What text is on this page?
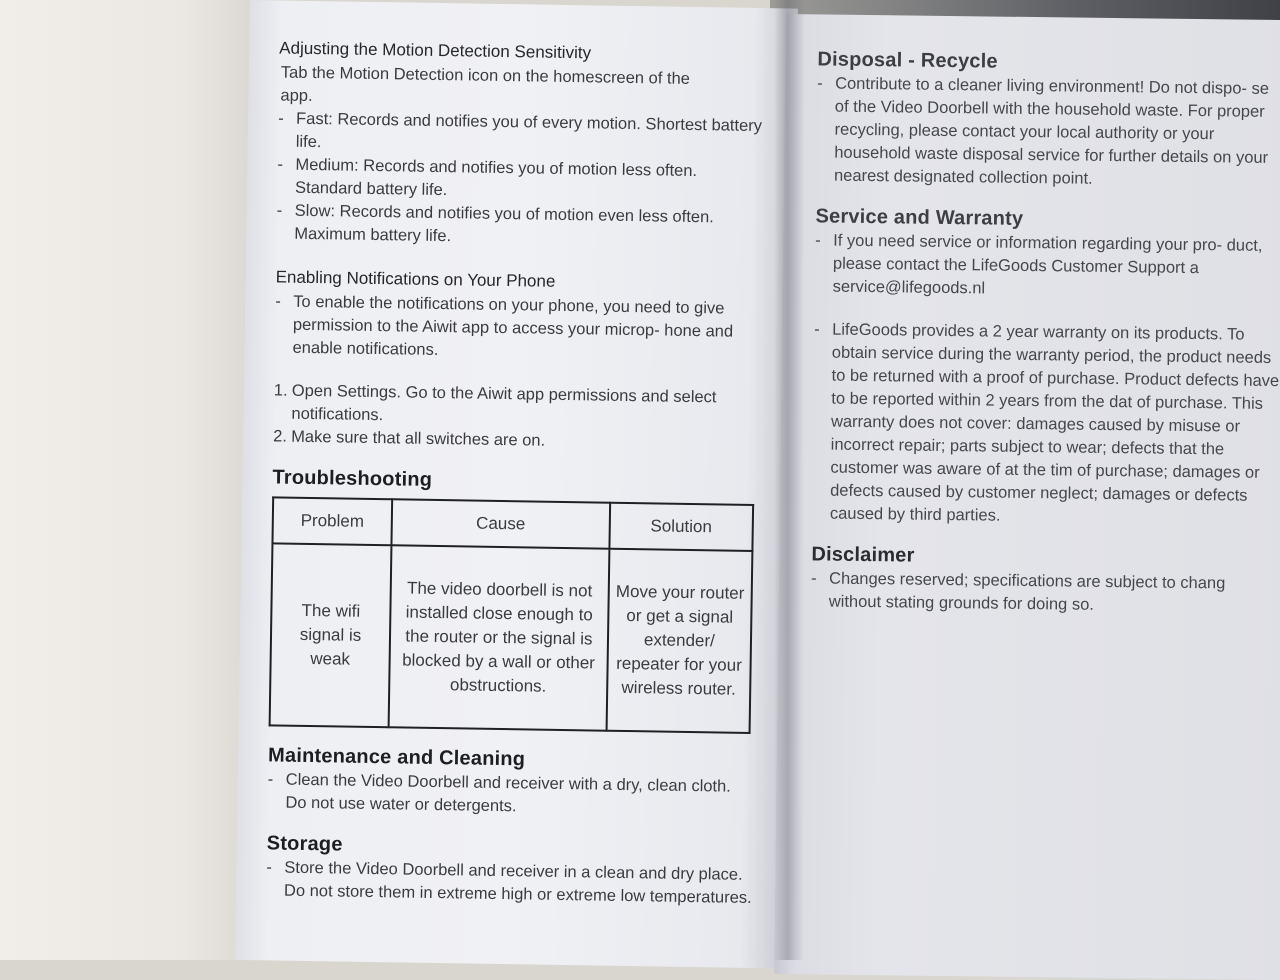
Adjusting the Motion Detection Sensitivity

Tab the Motion Detection icon on the homescreen of the app.

- Fast: Records and notifies you of every motion. Shortest battery life.
- Medium: Records and notifies you of motion less often. Standard battery life.
- Slow: Records and notifies you of motion even less often. Maximum battery life.

Enabling Notifications on Your Phone

- To enable the notifications on your phone, you need to give permission to the Aiwit app to access your microp- hone and enable notifications.
1. Open Settings. Go to the Aiwit app permissions and select notifications.
2. Make sure that all switches are on.

Troubleshooting

Problem	Cause	Solution
The wifi signal is weak	The video doorbell is not installed close enough to the router or the signal is blocked by a wall or other obstructions.	Move your router or get a signal extender/ repeater for your wireless router.

Maintenance and Cleaning

- Clean the Video Doorbell and receiver with a dry, clean cloth. Do not use water or detergents.

Storage

- Store the Video Doorbell and receiver in a clean and dry place. Do not store them in extreme high or extreme low temperatures.

Disposal - Recycle

- Contribute to a cleaner living environment! Do not dispo- se of the Video Doorbell with the household waste. For proper recycling, please contact your local authority or your household waste disposal service for further details on your nearest designated collection point.

Service and Warranty

- If you need service or information regarding your pro- duct, please contact the LifeGoods Customer Support a service@lifegoods.nl
- LifeGoods provides a 2 year warranty on its products. To obtain service during the warranty period, the product needs to be returned with a proof of purchase. Product defects have to be reported within 2 years from the dat of purchase. This warranty does not cover: damages caused by misuse or incorrect repair; parts subject to wear; defects that the customer was aware of at the tim of purchase; damages or defects caused by customer neglect; damages or defects caused by third parties.

Disclaimer

- Changes reserved; specifications are subject to chang without stating grounds for doing so.
